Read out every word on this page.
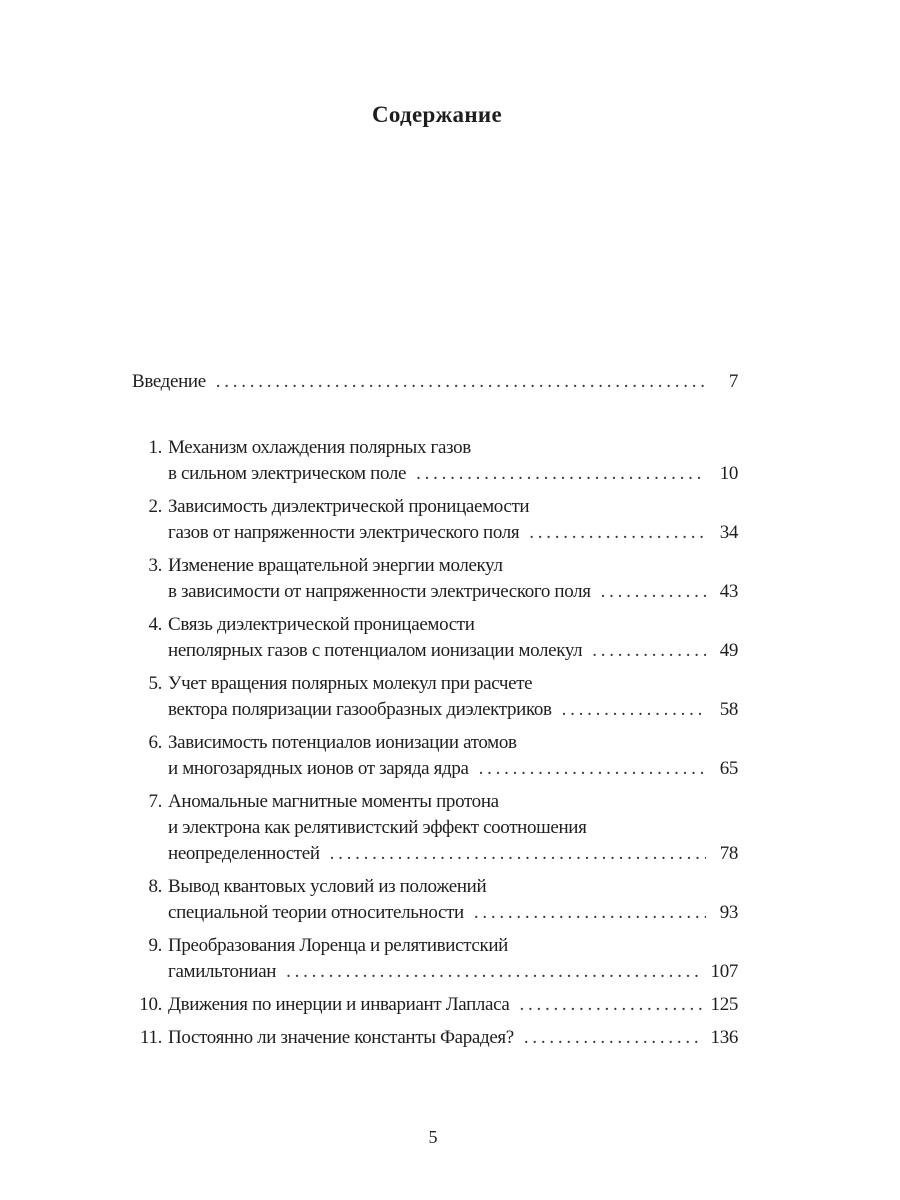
Содержание
Введение . . .	7
1. Механизм охлаждения полярных газов
в сильном электрическом поле . . .	10
2. Зависимость диэлектрической проницаемости
газов от напряженности электрического поля . . .	34
3. Изменение вращательной энергии молекул
в зависимости от напряженности электрического поля . . .	43
4. Связь диэлектрической проницаемости
неполярных газов с потенциалом ионизации молекул . . .	49
5. Учет вращения полярных молекул при расчете
вектора поляризации газообразных диэлектриков . . .	58
6. Зависимость потенциалов ионизации атомов
и многозарядных ионов от заряда ядра . . .	65
7. Аномальные магнитные моменты протона
и электрона как релятивистский эффект соотношения
неопределенностей . . .	78
8. Вывод квантовых условий из положений
специальной теории относительности . . .	93
9. Преобразования Лоренца и релятивистский
гамильтониан . . .	107
10. Движения по инерции и инвариант Лапласа . . .	125
11. Постоянно ли значение константы Фарадея? . . .	136
5
